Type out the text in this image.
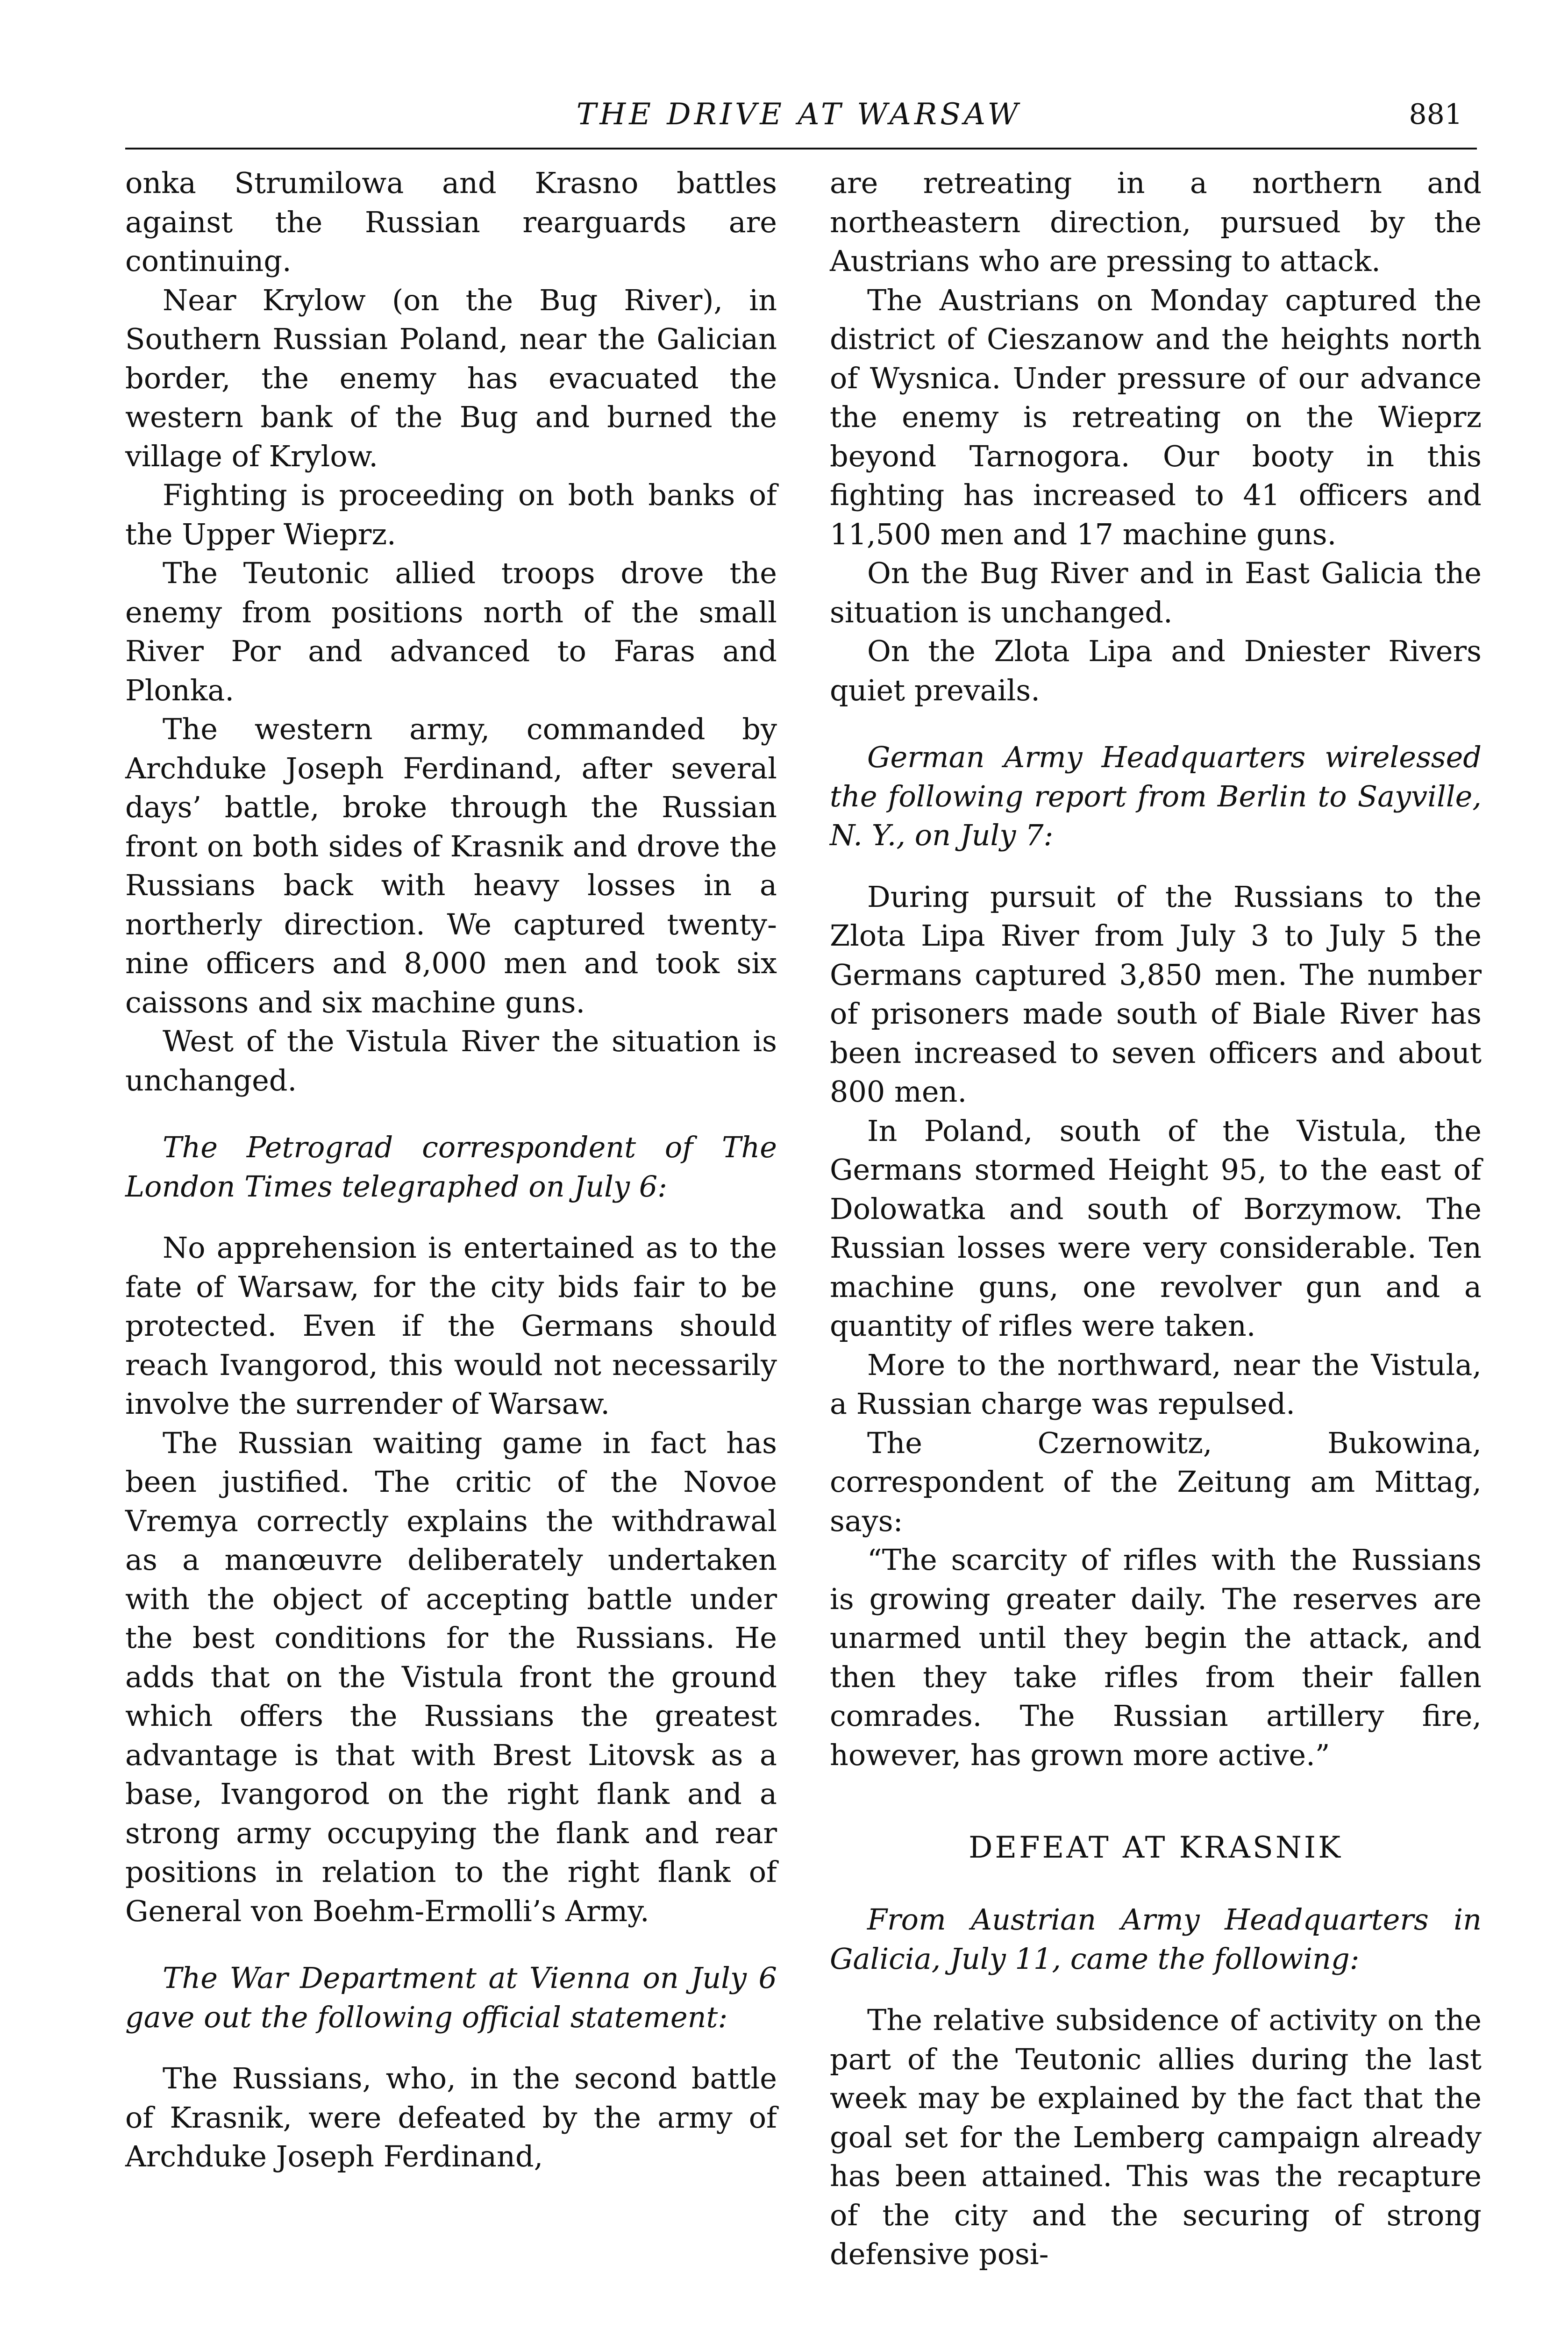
THE DRIVE AT WARSAW	881

onka Strumilowa and Krasno battles against the Russian rearguards are continuing.

Near Krylow (on the Bug River), in Southern Russian Poland, near the Galician border, the enemy has evacuated the western bank of the Bug and burned the village of Krylow.

Fighting is proceeding on both banks of the Upper Wieprz.

The Teutonic allied troops drove the enemy from positions north of the small River Por and advanced to Faras and Plonka.

The western army, commanded by Archduke Joseph Ferdinand, after several days’ battle, broke through the Russian front on both sides of Krasnik and drove the Russians back with heavy losses in a northerly direction. We captured twenty-nine officers and 8,000 men and took six caissons and six machine guns.

West of the Vistula River the situation is unchanged.

The Petrograd correspondent of The London Times telegraphed on July 6:

No apprehension is entertained as to the fate of Warsaw, for the city bids fair to be protected. Even if the Germans should reach Ivangorod, this would not necessarily involve the surrender of Warsaw.

The Russian waiting game in fact has been justified. The critic of the Novoe Vremya correctly explains the withdrawal as a manœuvre deliberately undertaken with the object of accepting battle under the best conditions for the Russians. He adds that on the Vistula front the ground which offers the Russians the greatest advantage is that with Brest Litovsk as a base, Ivangorod on the right flank and a strong army occupying the flank and rear positions in relation to the right flank of General von Boehm-Ermolli’s Army.

The War Department at Vienna on July 6 gave out the following official statement:

The Russians, who, in the second battle of Krasnik, were defeated by the army of Archduke Joseph Ferdinand,

are retreating in a northern and northeastern direction, pursued by the Austrians who are pressing to attack.

The Austrians on Monday captured the district of Cieszanow and the heights north of Wysnica. Under pressure of our advance the enemy is retreating on the Wieprz beyond Tarnogora. Our booty in this fighting has increased to 41 officers and 11,500 men and 17 machine guns.

On the Bug River and in East Galicia the situation is unchanged.

On the Zlota Lipa and Dniester Rivers quiet prevails.

German Army Headquarters wirelessed the following report from Berlin to Sayville, N. Y., on July 7:

During pursuit of the Russians to the Zlota Lipa River from July 3 to July 5 the Germans captured 3,850 men. The number of prisoners made south of Biale River has been increased to seven officers and about 800 men.

In Poland, south of the Vistula, the Germans stormed Height 95, to the east of Dolowatka and south of Borzymow. The Russian losses were very considerable. Ten machine guns, one revolver gun and a quantity of rifles were taken.

More to the northward, near the Vistula, a Russian charge was repulsed.

The Czernowitz, Bukowina, correspondent of the Zeitung am Mittag, says:

“The scarcity of rifles with the Russians is growing greater daily. The reserves are unarmed until they begin the attack, and then they take rifles from their fallen comrades. The Russian artillery fire, however, has grown more active.”

DEFEAT AT KRASNIK

From Austrian Army Headquarters in Galicia, July 11, came the following:

The relative subsidence of activity on the part of the Teutonic allies during the last week may be explained by the fact that the goal set for the Lemberg campaign already has been attained. This was the recapture of the city and the securing of strong defensive posi-
